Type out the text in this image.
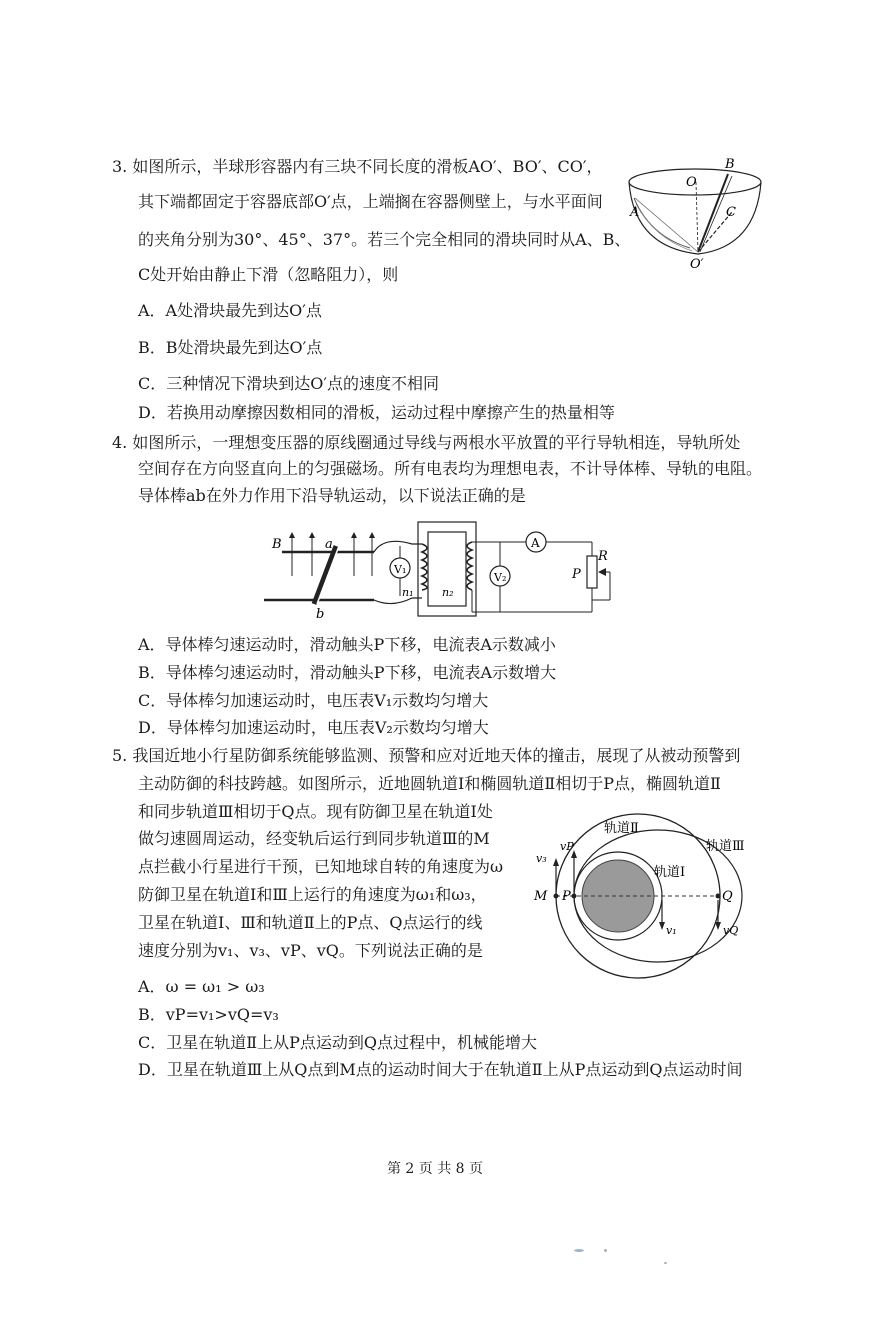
3. 如图所示，半球形容器内有三块不同长度的滑板AO′、BO′、CO′，
其下端都固定于容器底部O′点，上端搁在容器侧壁上，与水平面间
的夹角分别为30°、45°、37°。若三个完全相同的滑块同时从A、B、
C处开始由静止下滑（忽略阻力），则
A．A处滑块最先到达O′点
B．B处滑块最先到达O′点
C．三种情况下滑块到达O′点的速度不相同
D．若换用动摩擦因数相同的滑板，运动过程中摩擦产生的热量相等
B
O
A	C
O′
4. 如图所示，一理想变压器的原线圈通过导线与两根水平放置的平行导轨相连，导轨所处
空间存在方向竖直向上的匀强磁场。所有电表均为理想电表，不计导体棒、导轨的电阻。
导体棒ab在外力作用下沿导轨运动，以下说法正确的是
V₁
n₁	n₂
V₂
A
R
P
B	a
b
A．导体棒匀速运动时，滑动触头P下移，电流表A示数减小
B．导体棒匀速运动时，滑动触头P下移，电流表A示数增大
C．导体棒匀加速运动时，电压表V₁示数均匀增大
D．导体棒匀加速运动时，电压表V₂示数均匀增大
5. 我国近地小行星防御系统能够监测、预警和应对近地天体的撞击，展现了从被动预警到
主动防御的科技跨越。如图所示，近地圆轨道Ⅰ和椭圆轨道Ⅱ相切于P点，椭圆轨道Ⅱ
和同步轨道Ⅲ相切于Q点。现有防御卫星在轨道Ⅰ处
做匀速圆周运动，经变轨后运行到同步轨道Ⅲ的M
点拦截小行星进行干预，已知地球自转的角速度为ω
防御卫星在轨道Ⅰ和Ⅲ上运行的角速度为ω₁和ω₃，
卫星在轨道Ⅰ、Ⅲ和轨道Ⅱ上的P点、Q点运行的线
速度分别为v₁、v₃、vP、vQ。下列说法正确的是
A．ω = ω₁ > ω₃
B．vP=v₁>vQ=v₃
C．卫星在轨道Ⅱ上从P点运动到Q点过程中，机械能增大
D．卫星在轨道Ⅲ上从Q点到M点的运动时间大于在轨道Ⅱ上从P点运动到Q点运动时间
轨道Ⅱ
轨道Ⅲ
轨道Ⅰ
v₃
vP
v₁	vQ
M P	Q
第 2 页 共 8 页
